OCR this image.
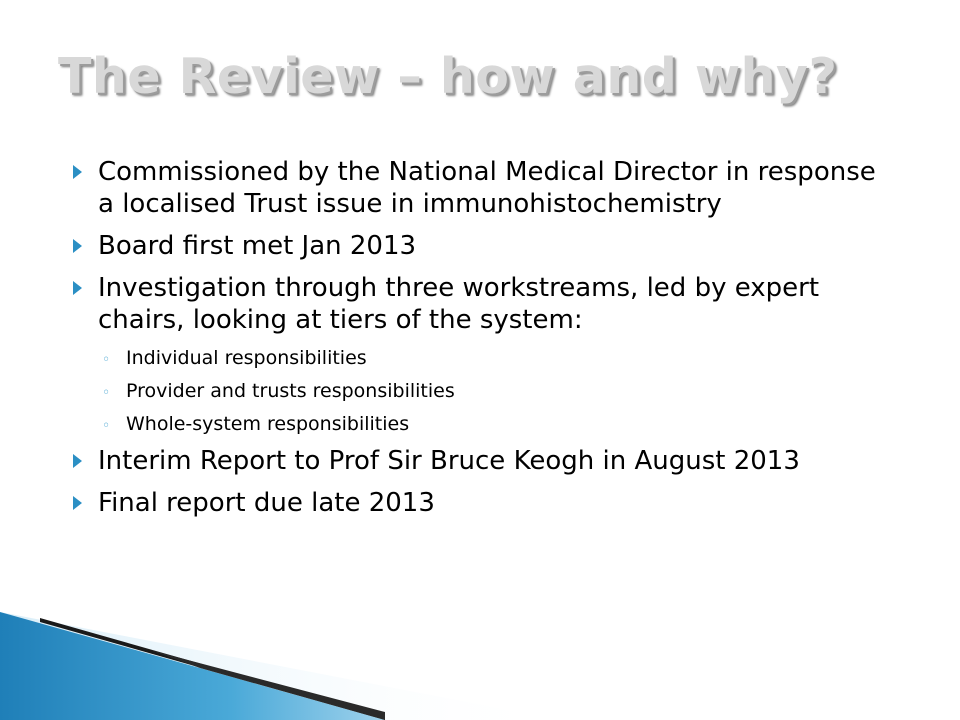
The Review – how and why?
Commissioned by the National Medical Director in response a localised Trust issue in immunohistochemistry
Board first met Jan 2013
Investigation through three workstreams, led by expert chairs, looking at tiers of the system:
◦ Individual responsibilities
◦ Provider and trusts responsibilities
◦ Whole-system responsibilities
Interim Report to Prof Sir Bruce Keogh in August 2013
Final report due late 2013
